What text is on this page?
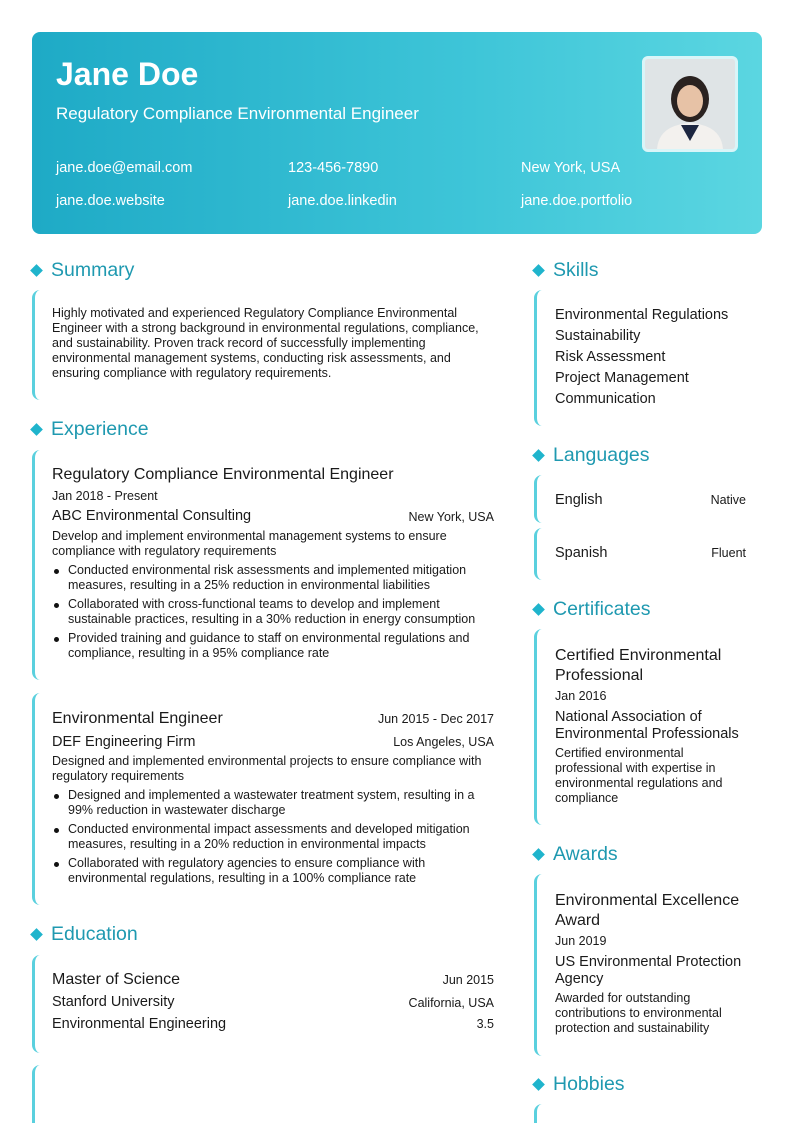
Jane Doe
Regulatory Compliance Environmental Engineer
jane.doe@email.com	123-456-7890	New York, USA
jane.doe.website	jane.doe.linkedin	jane.doe.portfolio
Summary
Highly motivated and experienced Regulatory Compliance Environmental Engineer with a strong background in environmental regulations, compliance, and sustainability. Proven track record of successfully implementing environmental management systems, conducting risk assessments, and ensuring compliance with regulatory requirements.
Experience
Regulatory Compliance Environmental Engineer
Jan 2018 - Present
ABC Environmental Consulting	New York, USA
Develop and implement environmental management systems to ensure compliance with regulatory requirements
Conducted environmental risk assessments and implemented mitigation measures, resulting in a 25% reduction in environmental liabilities
Collaborated with cross-functional teams to develop and implement sustainable practices, resulting in a 30% reduction in energy consumption
Provided training and guidance to staff on environmental regulations and compliance, resulting in a 95% compliance rate
Environmental Engineer	Jun 2015 - Dec 2017
DEF Engineering Firm	Los Angeles, USA
Designed and implemented environmental projects to ensure compliance with regulatory requirements
Designed and implemented a wastewater treatment system, resulting in a 99% reduction in wastewater discharge
Conducted environmental impact assessments and developed mitigation measures, resulting in a 20% reduction in environmental impacts
Collaborated with regulatory agencies to ensure compliance with environmental regulations, resulting in a 100% compliance rate
Education
Master of Science	Jun 2015
Stanford University	California, USA
Environmental Engineering	3.5
Skills
Environmental Regulations
Sustainability
Risk Assessment
Project Management
Communication
Languages
English	Native
Spanish	Fluent
Certificates
Certified Environmental Professional
Jan 2016
National Association of Environmental Professionals
Certified environmental professional with expertise in environmental regulations and compliance
Awards
Environmental Excellence Award
Jun 2019
US Environmental Protection Agency
Awarded for outstanding contributions to environmental protection and sustainability
Hobbies
